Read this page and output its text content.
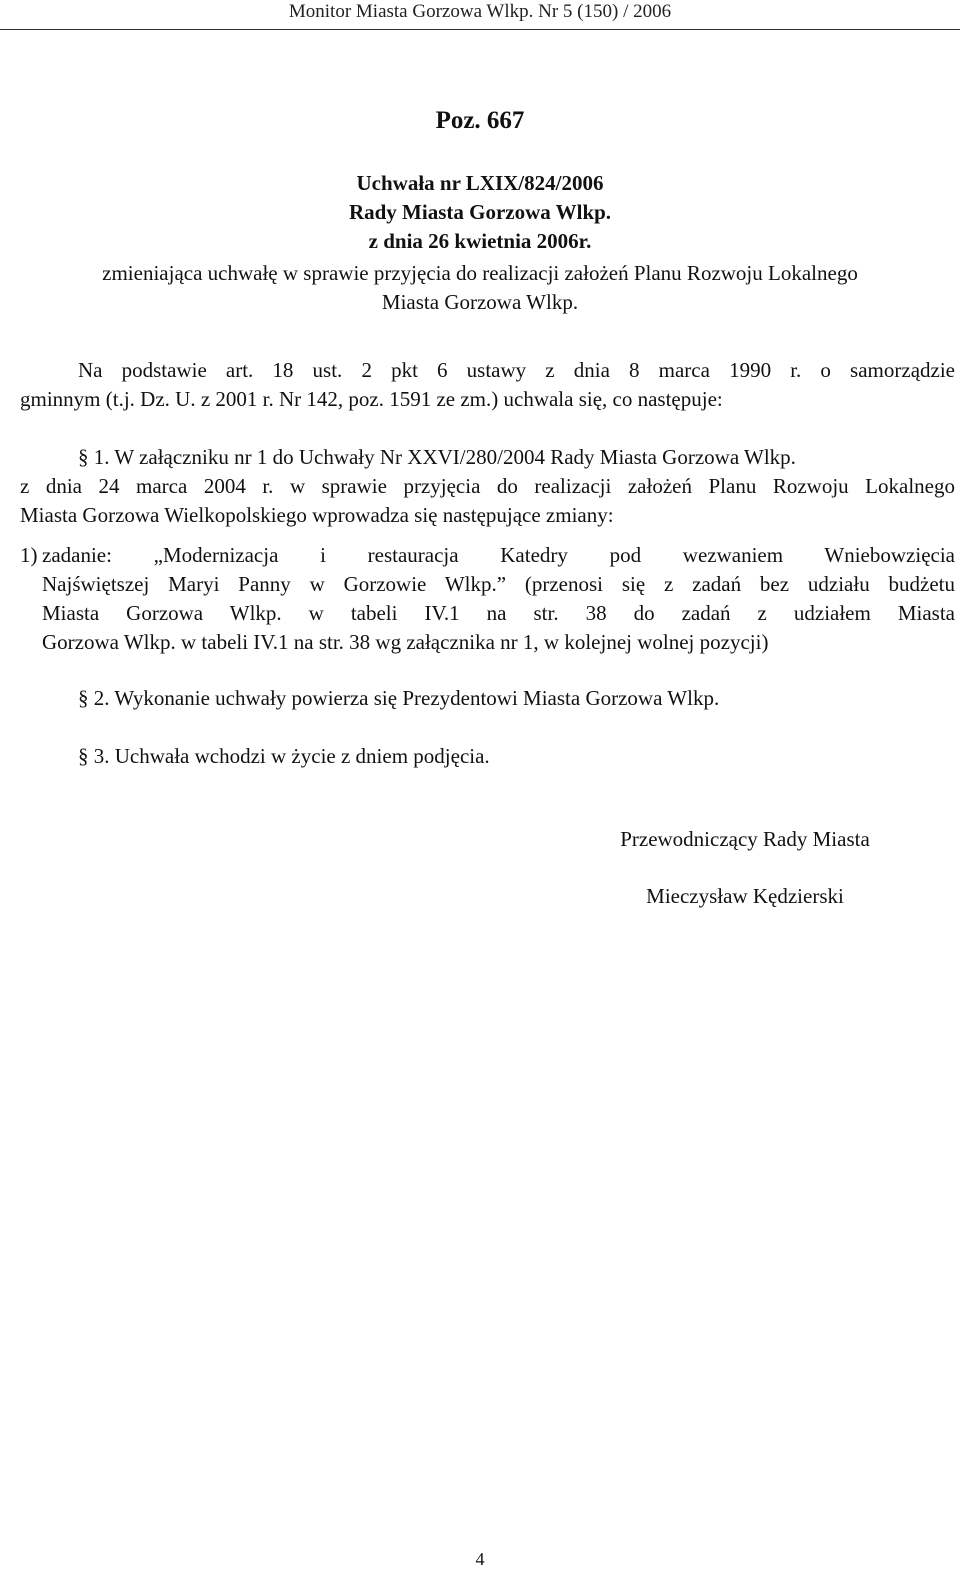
Monitor Miasta Gorzowa Wlkp. Nr 5 (150) / 2006
Poz. 667
Uchwała nr LXIX/824/2006
Rady Miasta Gorzowa Wlkp.
z dnia 26 kwietnia 2006r.
zmieniająca uchwałę w sprawie przyjęcia do realizacji założeń Planu Rozwoju Lokalnego
Miasta Gorzowa Wlkp.
Na podstawie art. 18 ust. 2 pkt 6 ustawy z dnia 8 marca 1990 r. o samorządzie
gminnym (t.j. Dz. U. z 2001 r. Nr 142, poz. 1591 ze zm.) uchwala się, co następuje:
§ 1. W załączniku nr 1 do Uchwały Nr XXVI/280/2004 Rady Miasta Gorzowa Wlkp.
z dnia 24 marca 2004 r. w sprawie przyjęcia do realizacji założeń Planu Rozwoju Lokalnego
Miasta Gorzowa Wielkopolskiego wprowadza się następujące zmiany:
1) zadanie: „Modernizacja i restauracja Katedry pod wezwaniem Wniebowzięcia
Najświętszej Maryi Panny w Gorzowie Wlkp.” (przenosi się z zadań bez udziału budżetu
Miasta Gorzowa Wlkp. w tabeli IV.1 na str. 38 do zadań z udziałem Miasta
Gorzowa Wlkp. w tabeli IV.1 na str. 38 wg załącznika nr 1, w kolejnej wolnej pozycji)
§ 2. Wykonanie uchwały powierza się Prezydentowi Miasta Gorzowa Wlkp.
§ 3. Uchwała wchodzi w życie z dniem podjęcia.
Przewodniczący Rady Miasta
Mieczysław Kędzierski
4
